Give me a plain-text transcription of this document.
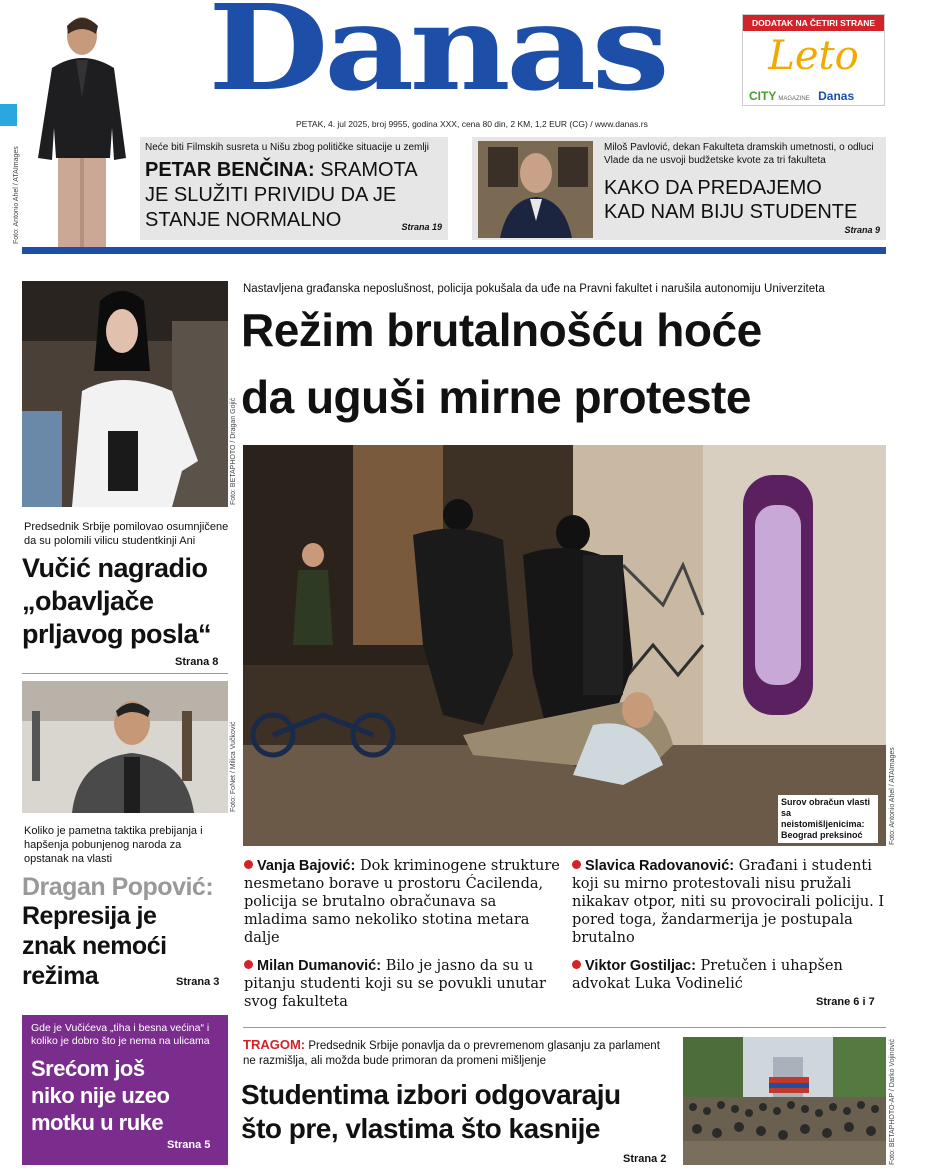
Foto: Antonio Ahel / ATAImages
Danas
PETAK, 4. jul 2025, broj 9955, godina XXX, cena 80 din, 2 KM, 1,2 EUR (CG) / www.danas.rs
DODATAK NA ČETIRI STRANE
Leto
CITY MAGAZINE Danas
Neće biti Filmskih susreta u Nišu zbog političke situacije u zemlji
PETAR BENČINA: SRAMOTA
JE SLUŽITI PRIVIDU DA JE
STANJE NORMALNO	Strana 19
Miloš Pavlović, dekan Fakulteta dramskih umetnosti, o odluci Vlade da ne usvoji budžetske kvote za tri fakulteta
KAKO DA PREDAJEMO
KAD NAM BIJU STUDENTE
Strana 9
Foto: BETAPHOTO / Dragan Gojić
Predsednik Srbije pomilovao osumnjičene da su polomili vilicu studentkinji Ani
Vučić nagradio
„obavljače
prljavog posla“
Strana 8
Foto: FoNet / Milica Vučković
Koliko je pametna taktika prebijanja i hapšenja pobunjenog naroda za opstanak na vlasti
Dragan Popović:
Represija je
znak nemoći
režima	Strana 3
Gde je Vučićeva „tiha i besna većina“ i koliko je dobro što je nema na ulicama
Srećom još
niko nije uzeo
motku u ruke
Strana 5
Nastavljena građanska neposlušnost, policija pokušala da uđe na Pravni fakultet i narušila autonomiju Univerziteta
Režim brutalnošću hoće
da uguši mirne proteste
Surov obračun vlasti sa neistomišljenicima: Beograd preksinoć	Foto: Antonio Ahel / ATAImages
Vanja Bajović: Dok kriminogene strukture nesmetano borave u prostoru Ćacilenda, policija se brutalno obračunava sa mladima samo nekoliko stotina metara dalje
Milan Dumanović: Bilo je jasno da su u pitanju studenti koji su se povukli unutar svog fakulteta
Slavica Radovanović: Građani i studenti koji su mirno protestovali nisu pružali nikakav otpor, niti su provocirali policiju. I pored toga, žandarmerija je postupala brutalno
Viktor Gostiljac: Pretučen i uhapšen advokat Luka Vodinelić
Strane 6 i 7
TRAGOM: Predsednik Srbije ponavlja da o prevremenom glasanju za parlament ne razmišlja, ali možda bude primoran da promeni mišljenje
Studentima izbori odgovaraju
što pre, vlastima što kasnije
Strana 2	Foto: BETAPHOTO-AP / Darko Vojinović
